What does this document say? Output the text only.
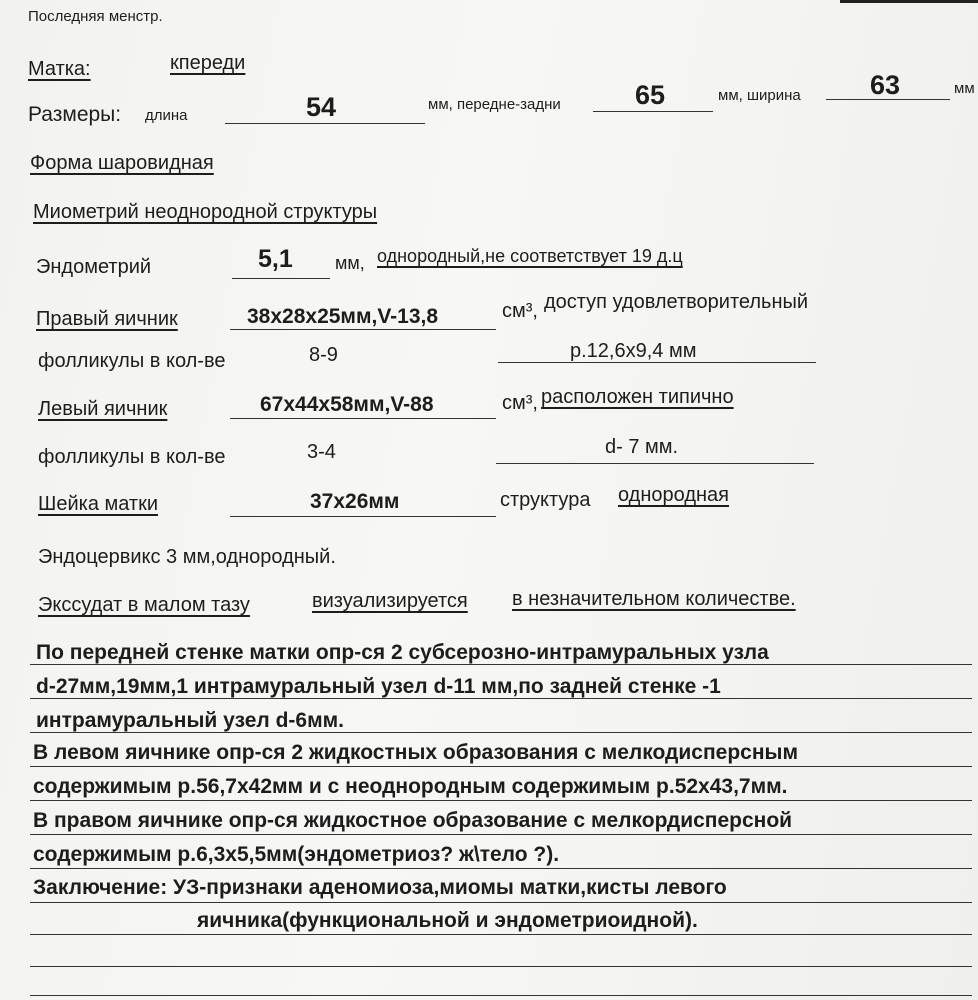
Последняя менстр.
Матка:	кпереди
Размеры: длина	54	мм, передне-задни	65	мм, ширина	63	мм
Форма шаровидная
Миометрий неоднородной структуры
Эндометрий	5,1 мм, однородный,не соответствует 19 д.ц
Правый яичник	38x28x25мм,V-13,8	см³, доступ удовлетворительный
фолликулы в кол-ве	8-9	р.12,6х9,4 мм
Левый яичник	67x44x58мм,V-88	см³, расположен типично
фолликулы в кол-ве	3-4	d- 7 мм.
Шейка матки	37x26мм	структура однородная
Эндоцервикс 3 мм,однородный.
Экссудат в малом тазу	визуализируется в незначительном количестве.
По передней стенке матки опр-ся 2 субсерозно-интрамуральных узла
d-27мм,19мм,1 интрамуральный узел d-11 мм,по задней стенке -1
интрамуральный узел d-6мм.
В левом яичнике опр-ся 2 жидкостных образования с мелкодисперсным
содержимым р.56,7х42мм и с неоднородным содержимым р.52х43,7мм.
В правом яичнике опр-ся жидкостное образование с мелкордисперсной
содержимым р.6,3х5,5мм(эндометриоз? ж\тело ?).
Заключение: УЗ-признаки аденомиоза,миомы матки,кисты левого
яичника(функциональной и эндометриоидной).
